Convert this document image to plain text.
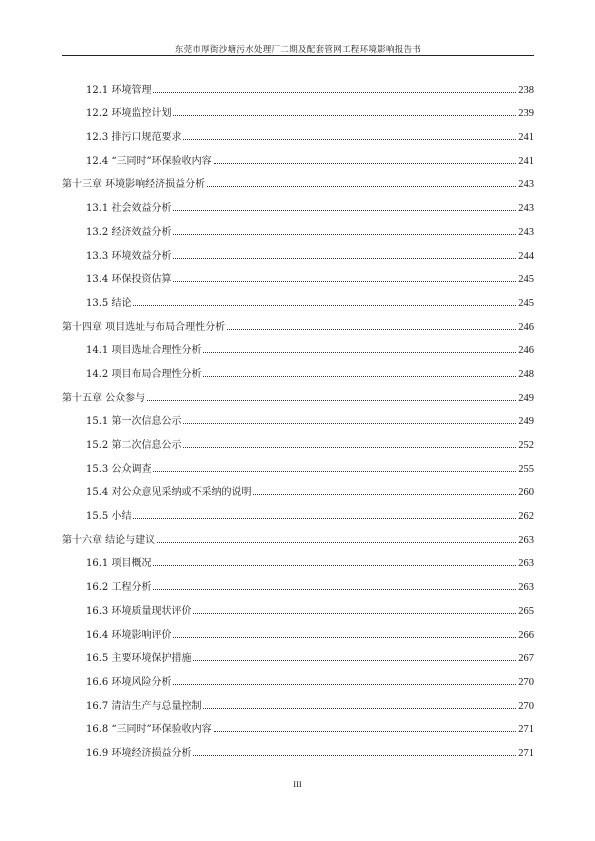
东莞市厚街沙塘污水处理厂二期及配套管网工程环境影响报告书
12.1 环境管理	238
12.2 环境监控计划	239
12.3 排污口规范要求	241
12.4 “三同时”环保验收内容	241
第十三章 环境影响经济损益分析	243
13.1 社会效益分析	243
13.2 经济效益分析	243
13.3 环境效益分析	244
13.4 环保投资估算	245
13.5 结论	245
第十四章 项目选址与布局合理性分析	246
14.1 项目选址合理性分析	246
14.2 项目布局合理性分析	248
第十五章 公众参与	249
15.1 第一次信息公示	249
15.2 第二次信息公示	252
15.3 公众调查	255
15.4 对公众意见采纳或不采纳的说明	260
15.5 小结	262
第十六章 结论与建议	263
16.1 项目概况	263
16.2 工程分析	263
16.3 环境质量现状评价	265
16.4 环境影响评价	266
16.5 主要环境保护措施	267
16.6 环境风险分析	270
16.7 清洁生产与总量控制	270
16.8 “三同时”环保验收内容	271
16.9 环境经济损益分析	271
III
